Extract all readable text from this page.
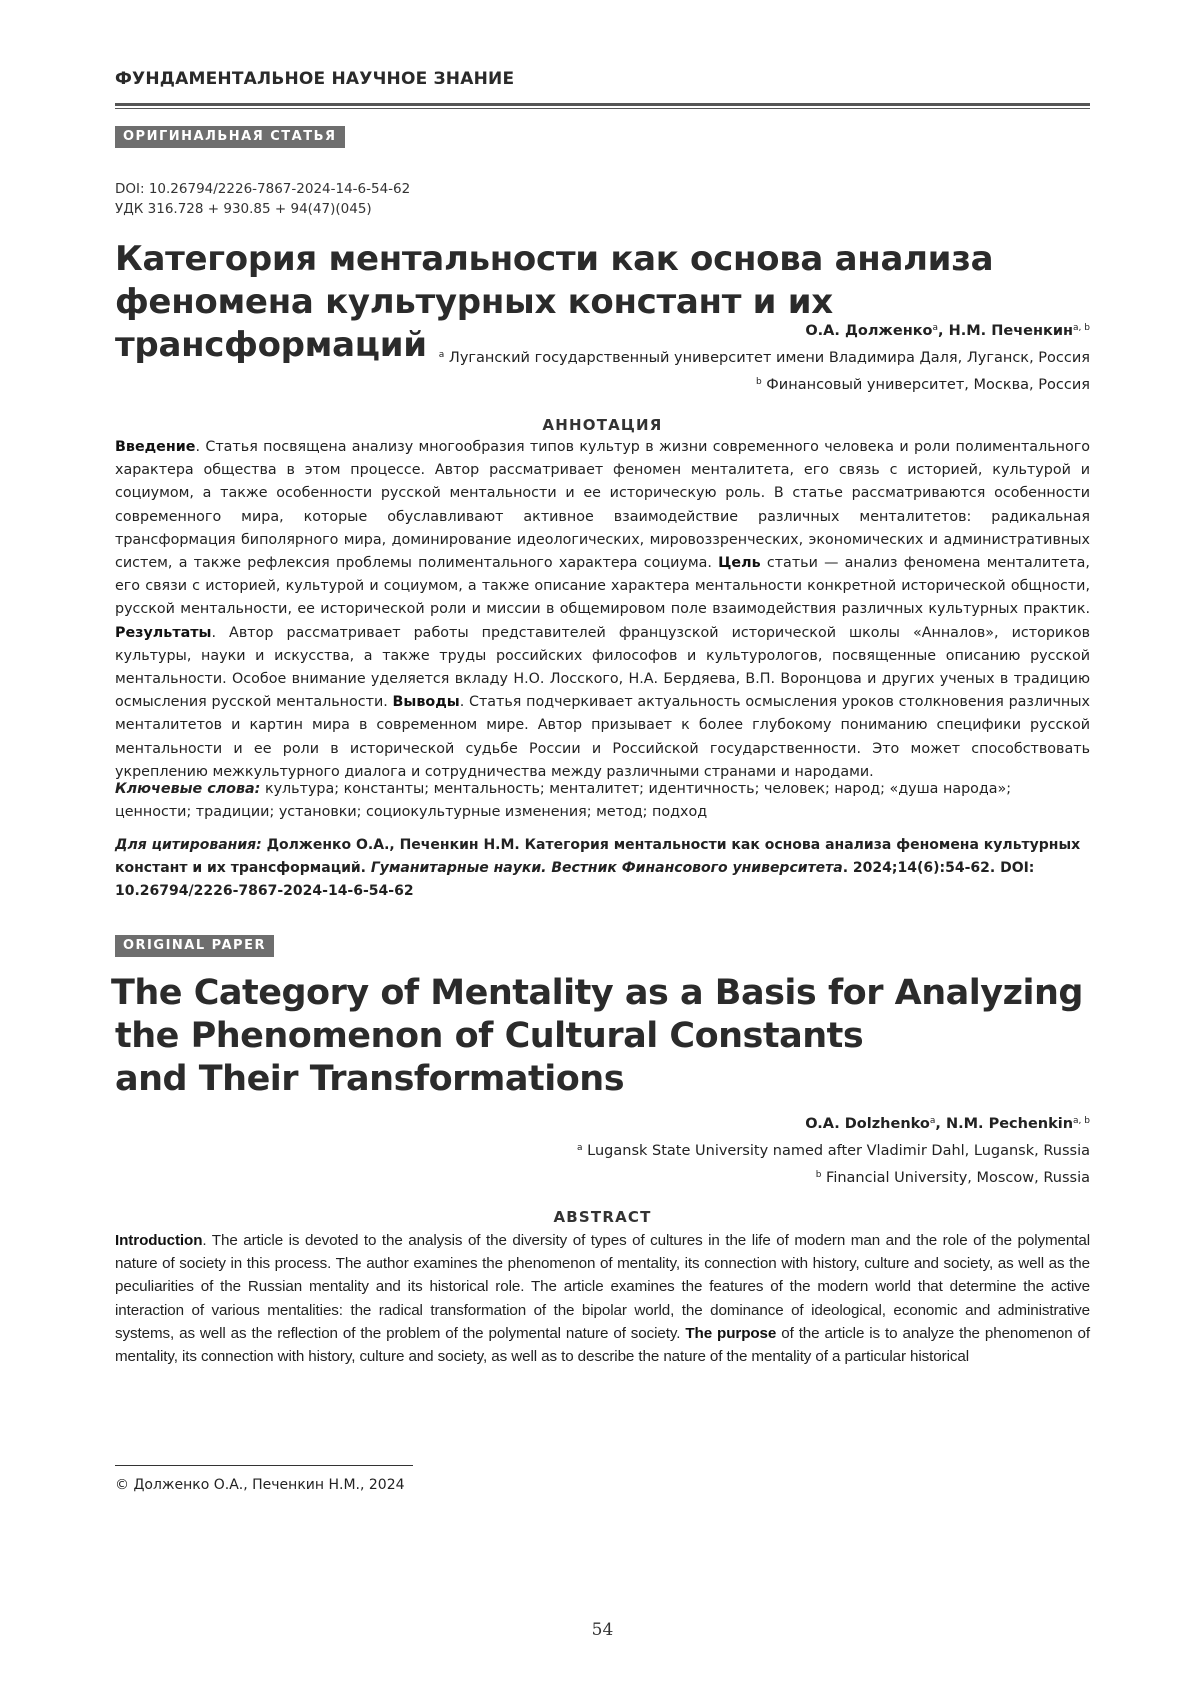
ФУНДАМЕНТАЛЬНОЕ НАУЧНОЕ ЗНАНИЕ
ОРИГИНАЛЬНАЯ СТАТЬЯ
DOI: 10.26794/2226-7867-2024-14-6-54-62
УДК 316.728 + 930.85 + 94(47)(045)
Категория ментальности как основа анализа
феномена культурных констант и их трансформаций	О.А. Долженко$^a$, Н.М. Печенкин$^{a, b}$
$^a$ Луганский государственный университет имени Владимира Даля, Луганск, Россия
$^b$ Финансовый университет, Москва, Россия
АННОТАЦИЯ
Введение. Статья посвящена анализу многообразия типов культур в жизни современного человека и роли полиментального характера общества в этом процессе. Автор рассматривает феномен менталитета, его связь с историей, культурой и социумом, а также особенности русской ментальности и ее историческую роль. В статье рассматриваются особенности современного мира, которые обуславливают активное взаимодействие различных менталитетов: радикальная трансформация биполярного мира, доминирование идеологических, мировоззренческих, экономических и административных систем, а также рефлексия проблемы полиментального характера социума. Цель статьи — анализ феномена менталитета, его связи с историей, культурой и социумом, а также описание характера ментальности конкретной исторической общности, русской ментальности, ее исторической роли и миссии в общемировом поле взаимодействия различных культурных практик. Результаты. Автор рассматривает работы представителей французской исторической школы «Анналов», историков культуры, науки и искусства, а также труды российских философов и культурологов, посвященные описанию русской ментальности. Особое внимание уделяется вкладу Н.О. Лосского, Н.А. Бердяева, В.П. Воронцова и других ученых в традицию осмысления русской ментальности. Выводы. Статья подчеркивает актуальность осмысления уроков столкновения различных менталитетов и картин мира в современном мире. Автор призывает к более глубокому пониманию специфики русской ментальности и ее роли в исторической судьбе России и Российской государственности. Это может способствовать укреплению межкультурного диалога и сотрудничества между различными странами и народами.
Ключевые слова: культура; константы; ментальность; менталитет; идентичность; человек; народ; «душа народа»; ценности; традиции; установки; социокультурные изменения; метод; подход
Для цитирования: Долженко О.А., Печенкин Н.М. Категория ментальности как основа анализа феномена культурных констант и их трансформаций. Гуманитарные науки. Вестник Финансового университета. 2024;14(6):54-62. DOI: 10.26794/2226-7867-2024-14-6-54-62
ORIGINAL PAPER
The Category of Mentality as a Basis for Analyzing
the Phenomenon of Cultural Constants
and Their Transformations
O.A. Dolzhenko$^a$, N.M. Pechenkin$^{a, b}$
$^a$ Lugansk State University named after Vladimir Dahl, Lugansk, Russia
$^b$ Financial University, Moscow, Russia
ABSTRACT
Introduction. The article is devoted to the analysis of the diversity of types of cultures in the life of modern man and the role of the polymental nature of society in this process. The author examines the phenomenon of mentality, its connection with history, culture and society, as well as the peculiarities of the Russian mentality and its historical role. The article examines the features of the modern world that determine the active interaction of various mentalities: the radical transformation of the bipolar world, the dominance of ideological, economic and administrative systems, as well as the reflection of the problem of the polymental nature of society. The purpose of the article is to analyze the phenomenon of mentality, its connection with history, culture and society, as well as to describe the nature of the mentality of a particular historical
© Долженко О.А., Печенкин Н.М., 2024
54
